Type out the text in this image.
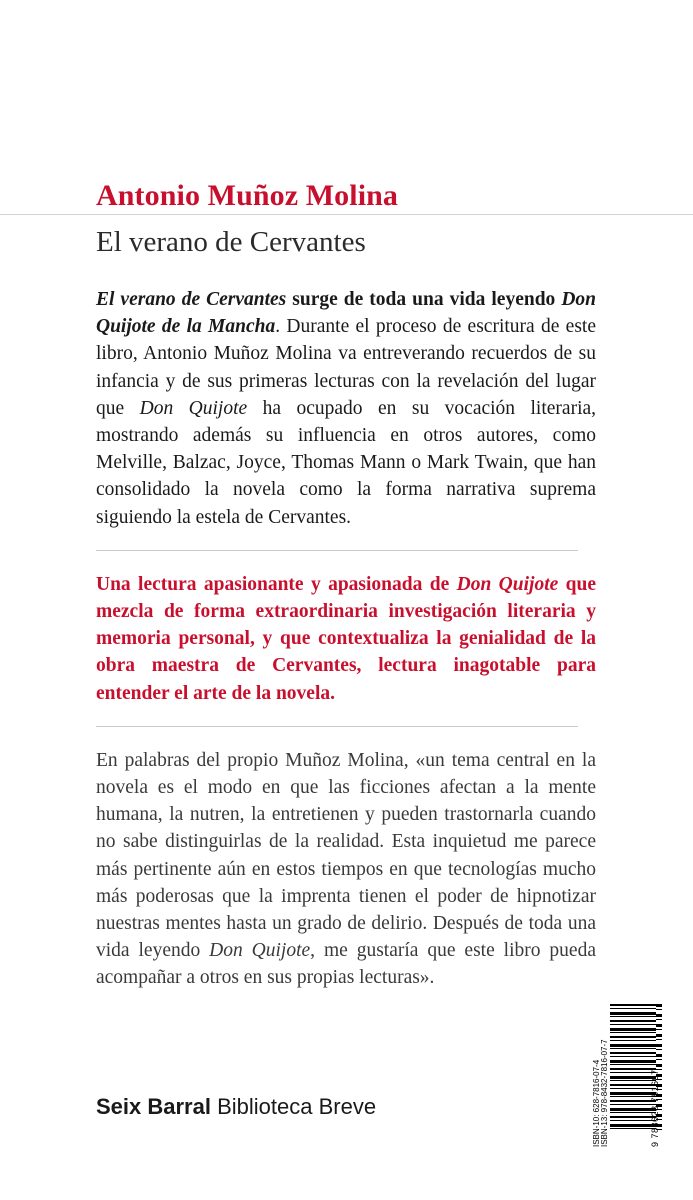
Antonio Muñoz Molina
El verano de Cervantes

El verano de Cervantes surge de toda una vida leyendo Don Quijote de la Mancha. Durante el proceso de escritura de este libro, Antonio Muñoz Molina va entreverando recuerdos de su infancia y de sus primeras lecturas con la revelación del lugar que Don Quijote ha ocupado en su vocación literaria, mostrando además su influencia en otros autores, como Melville, Balzac, Joyce, Thomas Mann o Mark Twain, que han consolidado la novela como la forma narrativa suprema siguiendo la estela de Cervantes.

Una lectura apasionante y apasionada de Don Quijote que mezcla de forma extraordinaria investigación literaria y memoria personal, y que contextualiza la genialidad de la obra maestra de Cervantes, lectura inagotable para entender el arte de la novela.

En palabras del propio Muñoz Molina, «un tema central en la novela es el modo en que las ficciones afectan a la mente humana, la nutren, la entretienen y pueden trastornarla cuando no sabe distinguirlas de la realidad. Esta inquietud me parece más pertinente aún en estos tiempos en que tecnologías mucho más poderosas que la imprenta tienen el poder de hipnotizar nuestras mentes hasta un grado de delirio. Después de toda una vida leyendo Don Quijote, me gustaría que este libro pueda acompañar a otros en sus propias lecturas».

Seix Barral Biblioteca Breve	ISBN-13: 978-8432-7816-07-7
ISBN-10: 628-7816-07-4	9 788628 781607
